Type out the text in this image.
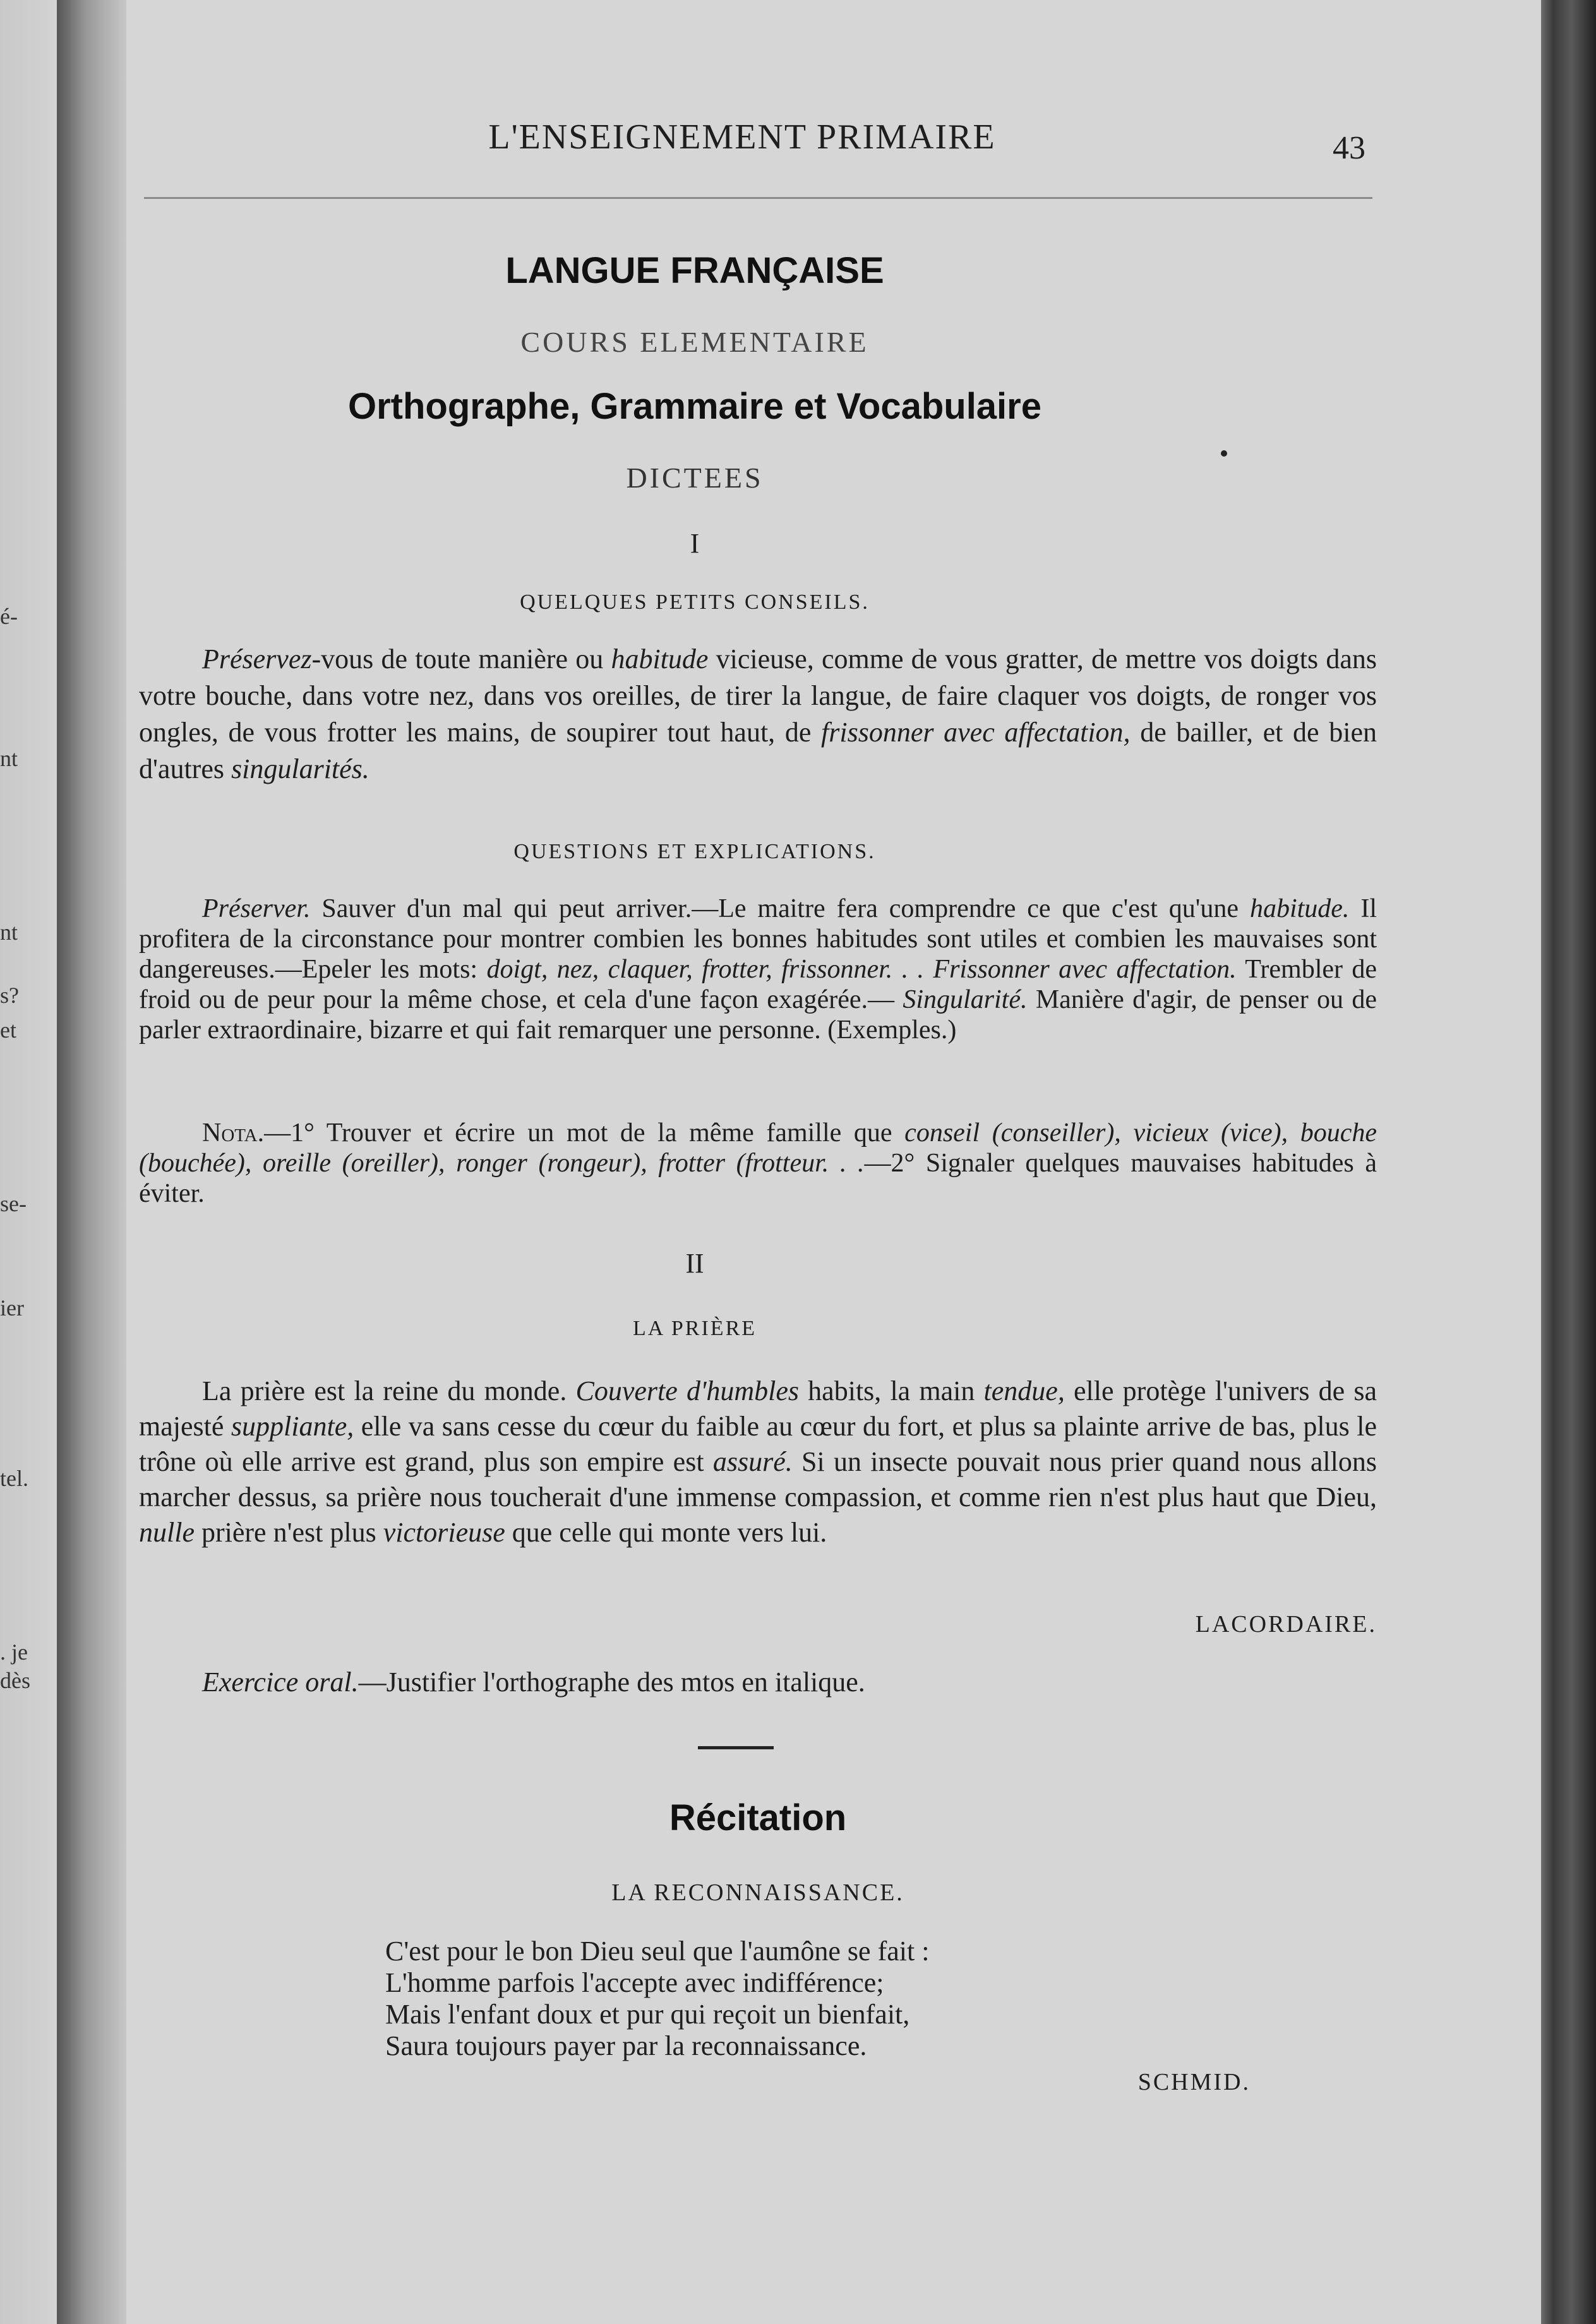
é-
nt
nt
s?
et
se-
ier
tel.
. je
dès
L'ENSEIGNEMENT PRIMAIRE	43
LANGUE FRANÇAISE
COURS ELEMENTAIRE
Orthographe, Grammaire et Vocabulaire
DICTEES
I
QUELQUES PETITS CONSEILS.
Préservez-vous de toute manière ou habitude vicieuse, comme de vous gratter, de mettre vos doigts dans votre bouche, dans votre nez, dans vos oreilles, de tirer la langue, de faire claquer vos doigts, de ronger vos ongles, de vous frotter les mains, de soupirer tout haut, de frissonner avec affectation, de bailler, et de bien d'autres singularités.
QUESTIONS ET EXPLICATIONS.
Préserver. Sauver d'un mal qui peut arriver.—Le maitre fera comprendre ce que c'est qu'une habitude. Il profitera de la circonstance pour montrer combien les bonnes habitudes sont utiles et combien les mauvaises sont dangereuses.—Epeler les mots: doigt, nez, claquer, frotter, frissonner. . . Frissonner avec affectation. Trembler de froid ou de peur pour la même chose, et cela d'une façon exagérée.— Singularité. Manière d'agir, de penser ou de parler extraordinaire, bizarre et qui fait remarquer une personne. (Exemples.)
Nota.—1° Trouver et écrire un mot de la même famille que conseil (conseiller), vicieux (vice), bouche (bouchée), oreille (oreiller), ronger (rongeur), frotter (frotteur. . .—2° Signaler quelques mauvaises habitudes à éviter.
II
LA PRIÈRE
La prière est la reine du monde. Couverte d'humbles habits, la main tendue, elle protège l'univers de sa majesté suppliante, elle va sans cesse du cœur du faible au cœur du fort, et plus sa plainte arrive de bas, plus le trône où elle arrive est grand, plus son empire est assuré. Si un insecte pouvait nous prier quand nous allons marcher dessus, sa prière nous toucherait d'une immense compassion, et comme rien n'est plus haut que Dieu, nulle prière n'est plus victorieuse que celle qui monte vers lui.
LACORDAIRE.
Exercice oral.—Justifier l'orthographe des mtos en italique.
Récitation
LA RECONNAISSANCE.
C'est pour le bon Dieu seul que l'aumône se fait :
L'homme parfois l'accepte avec indifférence;
Mais l'enfant doux et pur qui reçoit un bienfait,
Saura toujours payer par la reconnaissance.
SCHMID.
